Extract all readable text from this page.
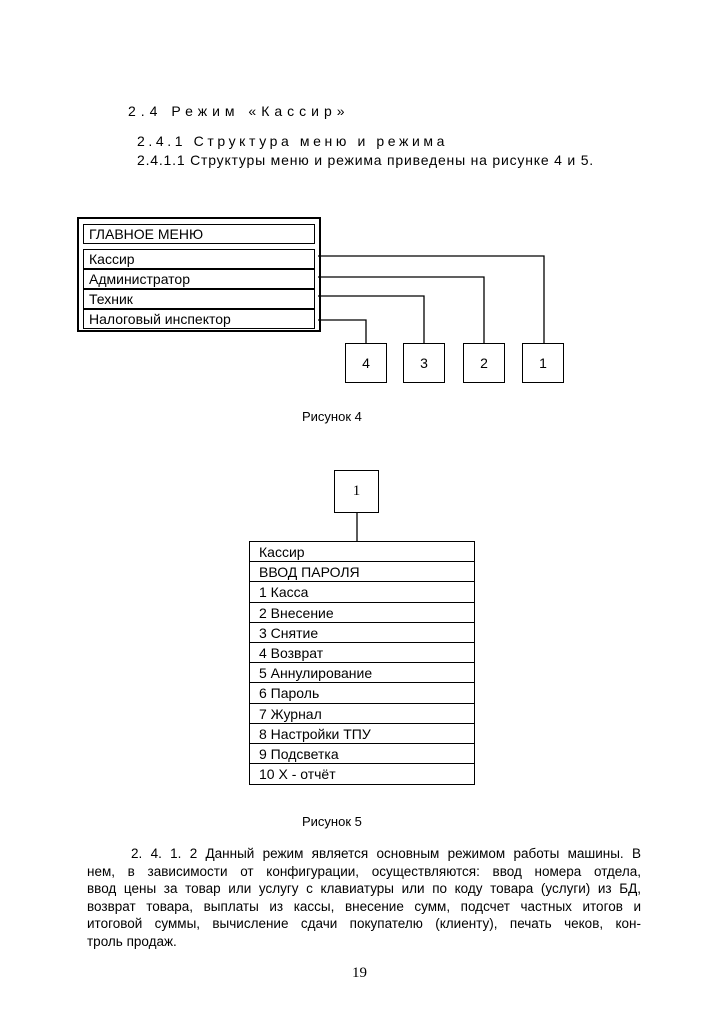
2.4 Режим «Кассир»
2.4.1 Структура меню и режима
2.4.1.1 Структуры меню и режима приведены на рисунке 4 и 5.
ГЛАВНОЕ МЕНЮ
Кассир
Администратор
Техник
Налоговый инспектор
4	3	2	1
Рисунок 4
1
Кассир
ВВОД ПАРОЛЯ
1 Касса
2 Внесение
3 Снятие
4 Возврат
5 Аннулирование
6 Пароль
7 Журнал
8 Настройки ТПУ
9 Подсветка
10 Х - отчёт
Рисунок 5
2. 4. 1. 2 Данный режим является основным режимом работы машины. В
нем, в зависимости от конфигурации, осуществляются: ввод номера отдела,
ввод цены за товар или услугу с клавиатуры или по коду товара (услуги) из БД,
возврат товара, выплаты из кассы, внесение сумм, подсчет частных итогов и
итоговой суммы, вычисление сдачи покупателю (клиенту), печать чеков, кон-
троль продаж.
19
